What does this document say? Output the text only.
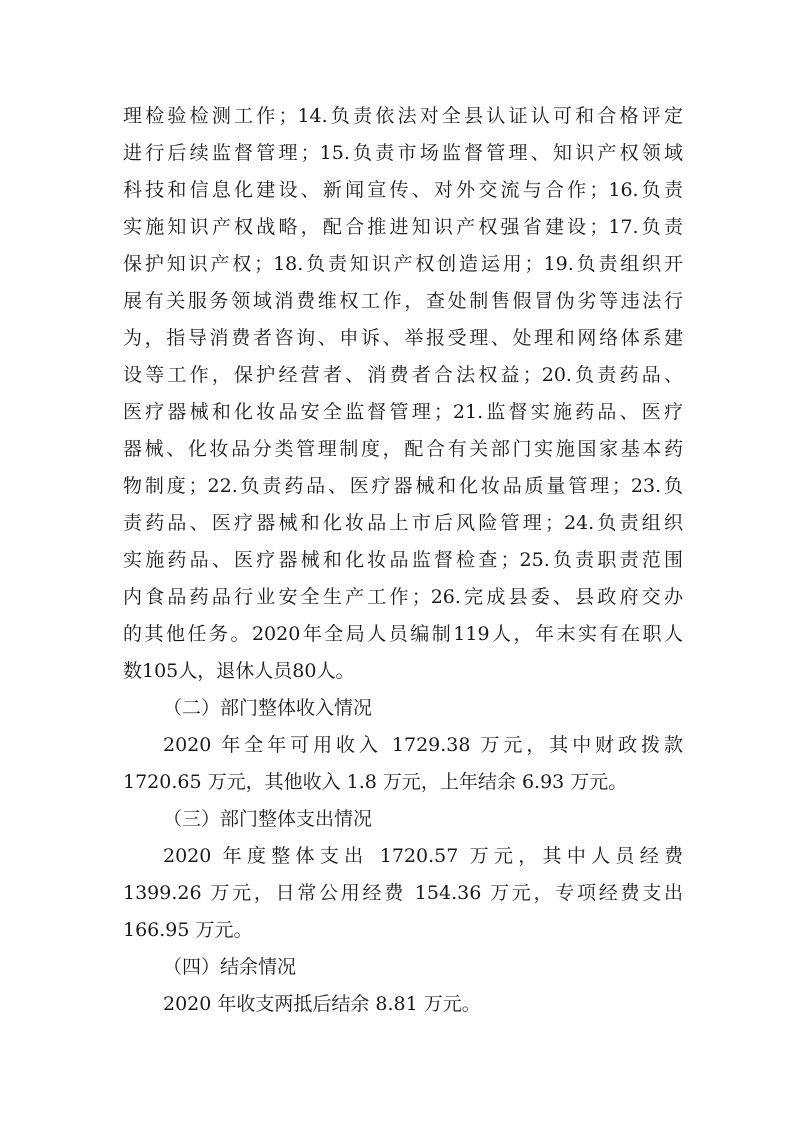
理检验检测工作；14.负责依法对全县认证认可和合格评定
进行后续监督管理；15.负责市场监督管理、知识产权领域
科技和信息化建设、新闻宣传、对外交流与合作；16.负责
实施知识产权战略，配合推进知识产权强省建设；17.负责
保护知识产权；18.负责知识产权创造运用；19.负责组织开
展有关服务领域消费维权工作，查处制售假冒伪劣等违法行
为，指导消费者咨询、申诉、举报受理、处理和网络体系建
设等工作，保护经营者、消费者合法权益；20.负责药品、
医疗器械和化妆品安全监督管理；21.监督实施药品、医疗
器械、化妆品分类管理制度，配合有关部门实施国家基本药
物制度；22.负责药品、医疗器械和化妆品质量管理；23.负
责药品、医疗器械和化妆品上市后风险管理；24.负责组织
实施药品、医疗器械和化妆品监督检查；25.负责职责范围
内食品药品行业安全生产工作；26.完成县委、县政府交办
的其他任务。2020年全局人员编制119人，年末实有在职人
数105人，退休人员80人。
（二）部门整体收入情况
2020 年全年可用收入 1729.38 万元，其中财政拨款
1720.65 万元，其他收入 1.8 万元，上年结余 6.93 万元。
（三）部门整体支出情况
2020 年度整体支出 1720.57 万元，其中人员经费
1399.26 万元，日常公用经费 154.36 万元，专项经费支出
166.95 万元。
（四）结余情况
2020 年收支两抵后结余 8.81 万元。
